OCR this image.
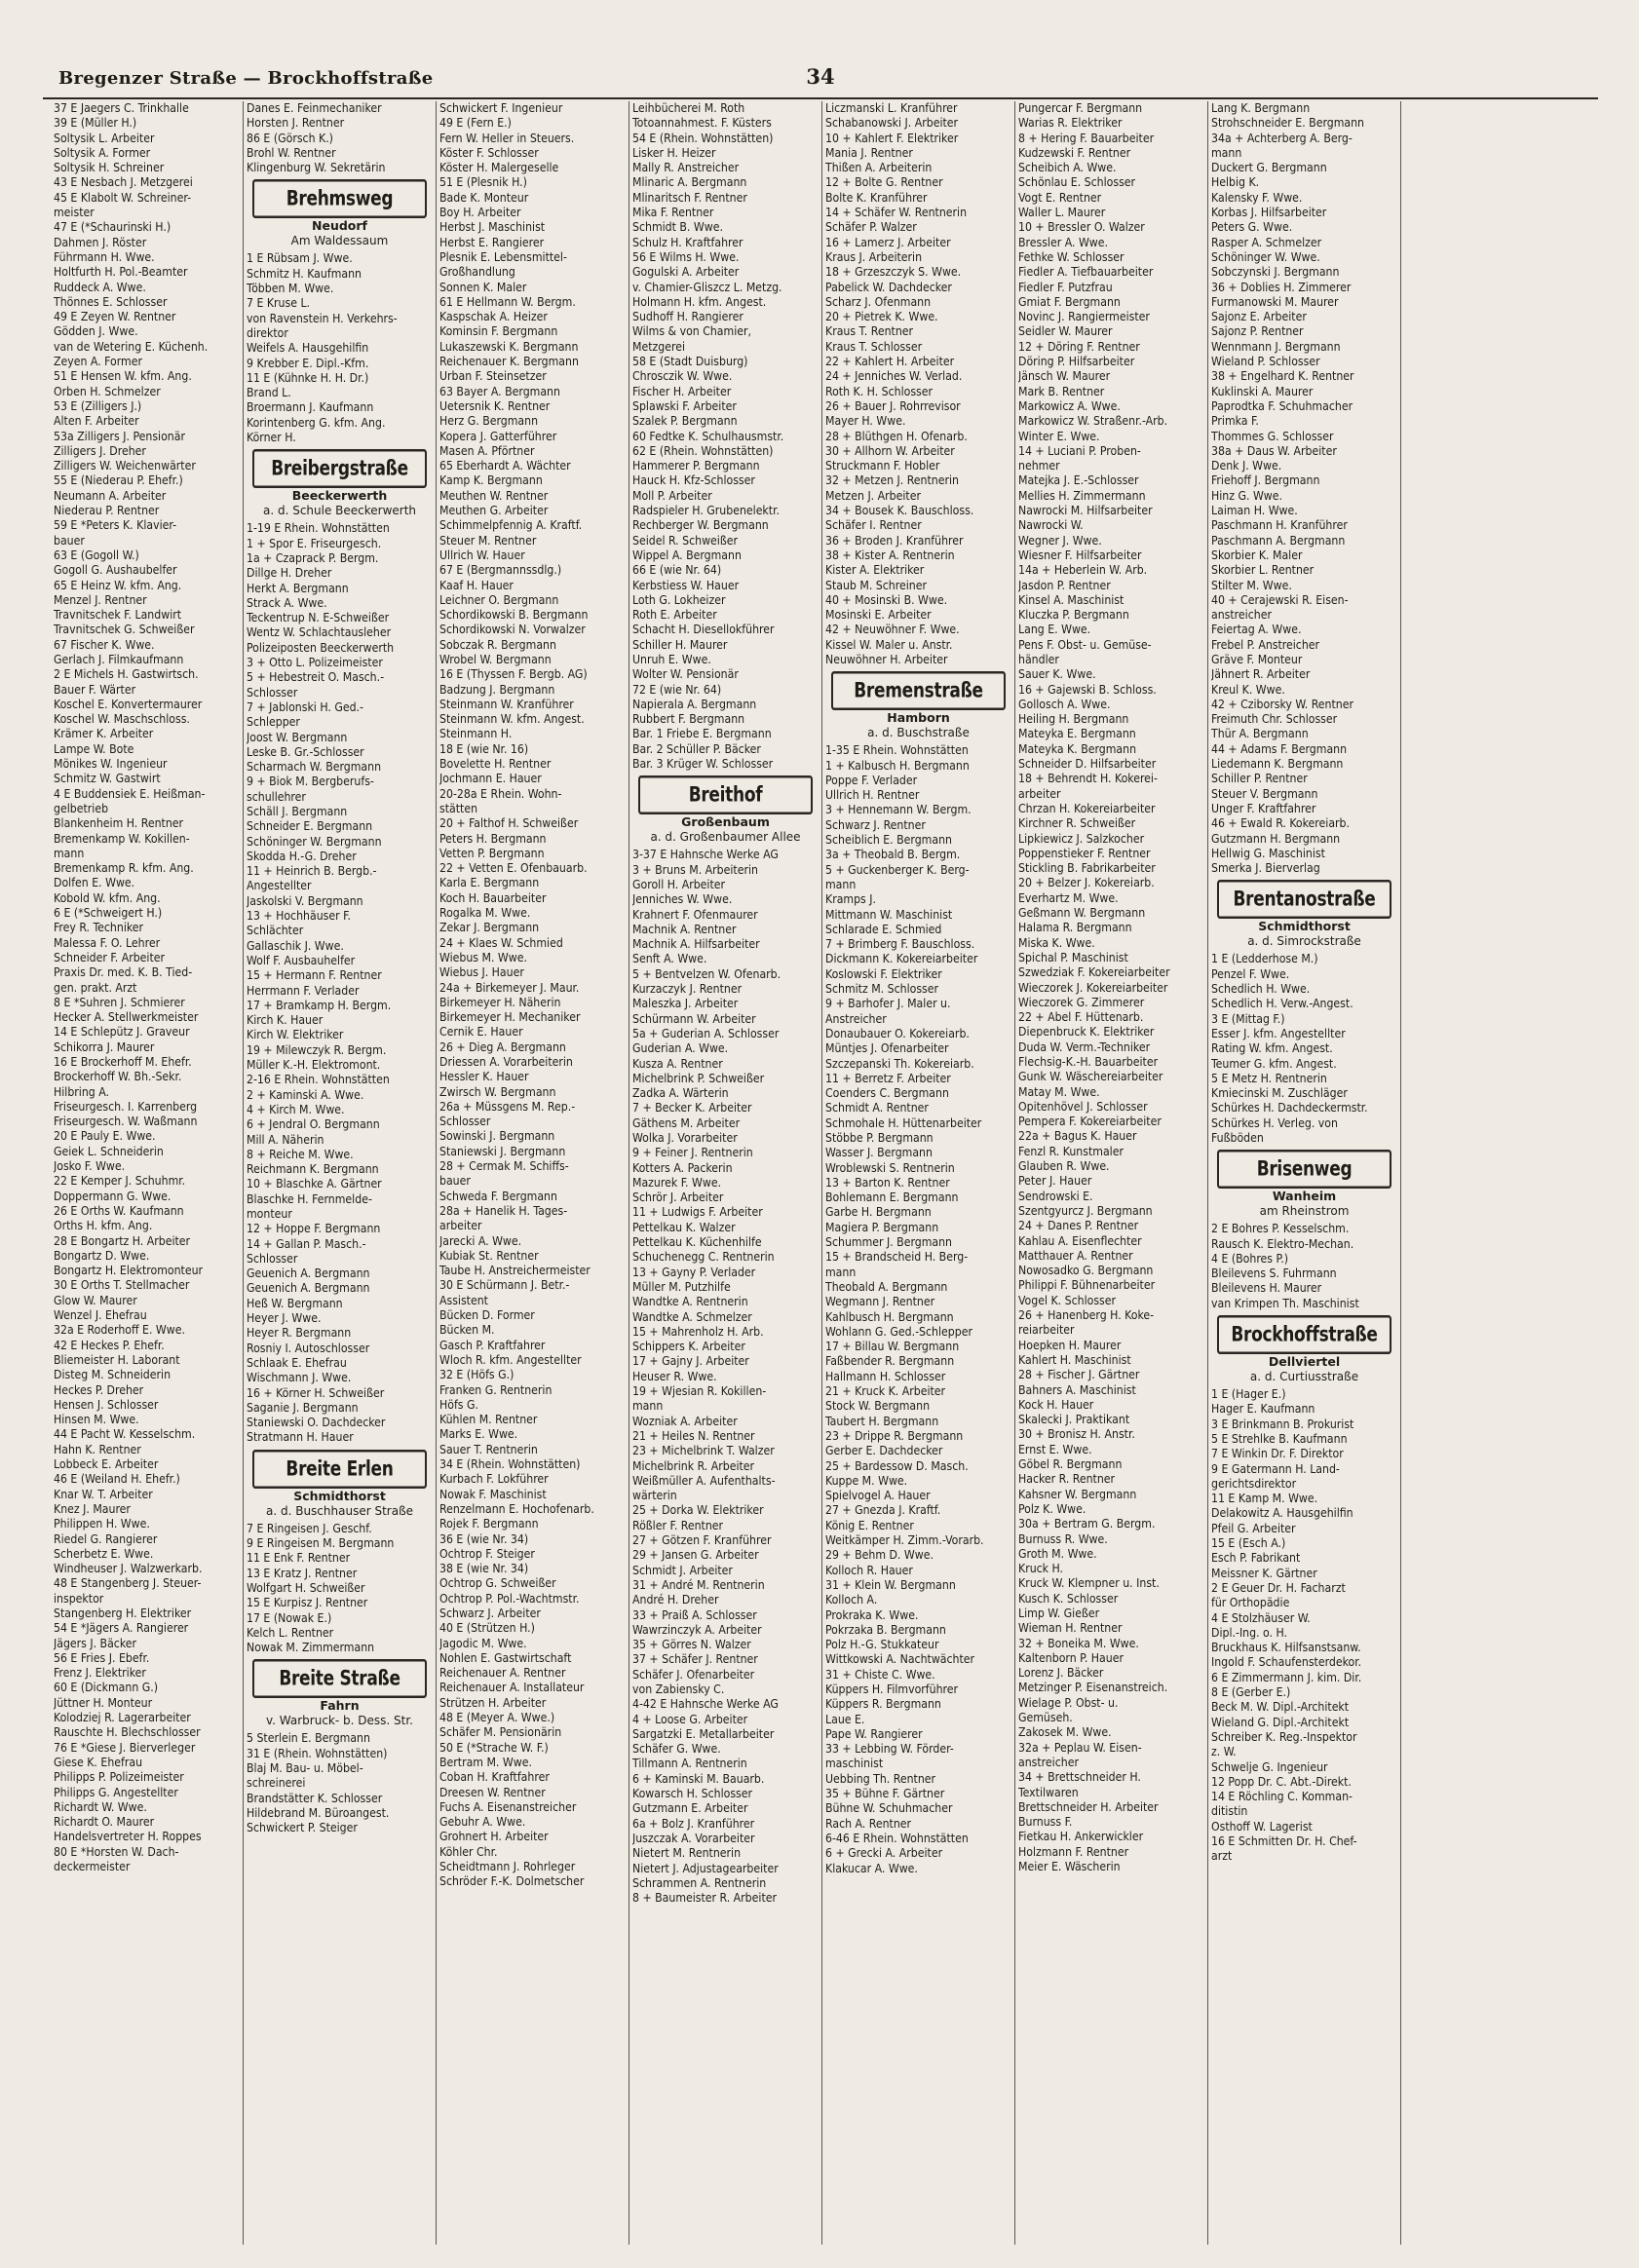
Bregenzer Straße — Brockhoffstraße	34
37 E Jaegers C. Trinkhalle
39 E (Müller H.)
Soltysik L. Arbeiter
Soltysik A. Former
Soltysik H. Schreiner
43 E Nesbach J. Metzgerei
45 E Klabolt W. Schreiner-
meister
47 E (*Schaurinski H.)
Dahmen J. Röster
Führmann H. Wwe.
Holtfurth H. Pol.-Beamter
Ruddeck A. Wwe.
Thönnes E. Schlosser
49 E Zeyen W. Rentner
Gödden J. Wwe.
van de Wetering E. Küchenh.
Zeyen A. Former
51 E Hensen W. kfm. Ang.
Orben H. Schmelzer
53 E (Zilligers J.)
Alten F. Arbeiter
53a Zilligers J. Pensionär
Zilligers J. Dreher
Zilligers W. Weichenwärter
55 E (Niederau P. Ehefr.)
Neumann A. Arbeiter
Niederau P. Rentner
59 E *Peters K. Klavier-
bauer
63 E (Gogoll W.)
Gogoll G. Aushaubelfer
65 E Heinz W. kfm. Ang.
Menzel J. Rentner
Travnitschek F. Landwirt
Travnitschek G. Schweißer
67 Fischer K. Wwe.
Gerlach J. Filmkaufmann
2 E Michels H. Gastwirtsch.
Bauer F. Wärter
Koschel E. Konvertermaurer
Koschel W. Maschschloss.
Krämer K. Arbeiter
Lampe W. Bote
Mönikes W. Ingenieur
Schmitz W. Gastwirt
4 E Buddensiek E. Heißman-
gelbetrieb
Blankenheim H. Rentner
Bremenkamp W. Kokillen-
mann
Bremenkamp R. kfm. Ang.
Dolfen E. Wwe.
Kobold W. kfm. Ang.
6 E (*Schweigert H.)
Frey R. Techniker
Malessa F. O. Lehrer
Schneider F. Arbeiter
Praxis Dr. med. K. B. Tied-
gen. prakt. Arzt
8 E *Suhren J. Schmierer
Hecker A. Stellwerkmeister
14 E Schlepütz J. Graveur
Schikorra J. Maurer
16 E Brockerhoff M. Ehefr.
Brockerhoff W. Bh.-Sekr.
Hilbring A.
Friseurgesch. I. Karrenberg
Friseurgesch. W. Waßmann
20 E Pauly E. Wwe.
Geiek L. Schneiderin
Josko F. Wwe.
22 E Kemper J. Schuhmr.
Doppermann G. Wwe.
26 E Orths W. Kaufmann
Orths H. kfm. Ang.
28 E Bongartz H. Arbeiter
Bongartz D. Wwe.
Bongartz H. Elektromonteur
30 E Orths T. Stellmacher
Glow W. Maurer
Wenzel J. Ehefrau
32a E Roderhoff E. Wwe.
42 E Heckes P. Ehefr.
Bliemeister H. Laborant
Disteg M. Schneiderin
Heckes P. Dreher
Hensen J. Schlosser
Hinsen M. Wwe.
44 E Pacht W. Kesselschm.
Hahn K. Rentner
Lobbeck E. Arbeiter
46 E (Weiland H. Ehefr.)
Knar W. T. Arbeiter
Knez J. Maurer
Philippen H. Wwe.
Riedel G. Rangierer
Scherbetz E. Wwe.
Windheuser J. Walzwerkarb.
48 E Stangenberg J. Steuer-
inspektor
Stangenberg H. Elektriker
54 E *Jägers A. Rangierer
Jägers J. Bäcker
56 E Fries J. Ebefr.
Frenz J. Elektriker
60 E (Dickmann G.)
Jüttner H. Monteur
Kolodziej R. Lagerarbeiter
Rauschte H. Blechschlosser
76 E *Giese J. Bierverleger
Giese K. Ehefrau
Philipps P. Polizeimeister
Philipps G. Angestellter
Richardt W. Wwe.
Richardt O. Maurer
Handelsvertreter H. Roppes
80 E *Horsten W. Dach-
deckermeister
Danes E. Feinmechaniker
Horsten J. Rentner
86 E (Görsch K.)
Brohl W. Rentner
Klingenburg W. Sekretärin
Brehmsweg
Neudorf
Am Waldessaum
1 E Rübsam J. Wwe.
Schmitz H. Kaufmann
Többen M. Wwe.
7 E Kruse L.
von Ravenstein H. Verkehrs-
direktor
Weifels A. Hausgehilfin
9 Krebber E. Dipl.-Kfm.
11 E (Kühnke H. H. Dr.)
Brand L.
Broermann J. Kaufmann
Korintenberg G. kfm. Ang.
Körner H.
Breibergstraße
Beeckerwerth
a. d. Schule Beeckerwerth
1-19 E Rhein. Wohnstätten
1 + Spor E. Friseurgesch.
1a + Czaprack P. Bergm.
Dillge H. Dreher
Herkt A. Bergmann
Strack A. Wwe.
Teckentrup N. E-Schweißer
Wentz W. Schlachtausleher
Polizeiposten Beeckerwerth
3 + Otto L. Polizeimeister
5 + Hebestreit O. Masch.-
Schlosser
7 + Jablonski H. Ged.-
Schlepper
Joost W. Bergmann
Leske B. Gr.-Schlosser
Scharmach W. Bergmann
9 + Biok M. Bergberufs-
schullehrer
Schäll J. Bergmann
Schneider E. Bergmann
Schöninger W. Bergmann
Skodda H.-G. Dreher
11 + Heinrich B. Bergb.-
Angestellter
Jaskolski V. Bergmann
13 + Hochhäuser F.
Schlächter
Gallaschik J. Wwe.
Wolf F. Ausbauhelfer
15 + Hermann F. Rentner
Herrmann F. Verlader
17 + Bramkamp H. Bergm.
Kirch K. Hauer
Kirch W. Elektriker
19 + Milewczyk R. Bergm.
Müller K.-H. Elektromont.
2-16 E Rhein. Wohnstätten
2 + Kaminski A. Wwe.
4 + Kirch M. Wwe.
6 + Jendral O. Bergmann
Mill A. Näherin
8 + Reiche M. Wwe.
Reichmann K. Bergmann
10 + Blaschke A. Gärtner
Blaschke H. Fernmelde-
monteur
12 + Hoppe F. Bergmann
14 + Gallan P. Masch.-
Schlosser
Geuenich A. Bergmann
Geuenich A. Bergmann
Heß W. Bergmann
Heyer J. Wwe.
Heyer R. Bergmann
Rosniy I. Autoschlosser
Schlaak E. Ehefrau
Wischmann J. Wwe.
16 + Körner H. Schweißer
Saganie J. Bergmann
Staniewski O. Dachdecker
Stratmann H. Hauer
Breite Erlen
Schmidthorst
a. d. Buschhauser Straße
7 E Ringeisen J. Geschf.
9 E Ringeisen M. Bergmann
11 E Enk F. Rentner
13 E Kratz J. Rentner
Wolfgart H. Schweißer
15 E Kurpisz J. Rentner
17 E (Nowak E.)
Kelch L. Rentner
Nowak M. Zimmermann
Breite Straße
Fahrn
v. Warbruck- b. Dess. Str.
5 Sterlein E. Bergmann
31 E (Rhein. Wohnstätten)
Blaj M. Bau- u. Möbel-
schreinerei
Brandstätter K. Schlosser
Hildebrand M. Büroangest.
Schwickert P. Steiger
Schwickert F. Ingenieur
49 E (Fern E.)
Fern W. Heller in Steuers.
Köster F. Schlosser
Köster H. Malergeselle
51 E (Plesnik H.)
Bade K. Monteur
Boy H. Arbeiter
Herbst J. Maschinist
Herbst E. Rangierer
Plesnik E. Lebensmittel-
Großhandlung
Sonnen K. Maler
61 E Hellmann W. Bergm.
Kaspschak A. Heizer
Kominsin F. Bergmann
Lukaszewski K. Bergmann
Reichenauer K. Bergmann
Urban F. Steinsetzer
63 Bayer A. Bergmann
Uetersnik K. Rentner
Herz G. Bergmann
Kopera J. Gatterführer
Masen A. Pförtner
65 Eberhardt A. Wächter
Kamp K. Bergmann
Meuthen W. Rentner
Meuthen G. Arbeiter
Schimmelpfennig A. Kraftf.
Steuer M. Rentner
Ullrich W. Hauer
67 E (Bergmannssdlg.)
Kaaf H. Hauer
Leichner O. Bergmann
Schordikowski B. Bergmann
Schordikowski N. Vorwalzer
Sobczak R. Bergmann
Wrobel W. Bergmann
16 E (Thyssen F. Bergb. AG)
Badzung J. Bergmann
Steinmann W. Kranführer
Steinmann W. kfm. Angest.
Steinmann H.
18 E (wie Nr. 16)
Bovelette H. Rentner
Jochmann E. Hauer
20-28a E Rhein. Wohn-
stätten
20 + Falthof H. Schweißer
Peters H. Bergmann
Vetten P. Bergmann
22 + Vetten E. Ofenbauarb.
Karla E. Bergmann
Koch H. Bauarbeiter
Rogalka M. Wwe.
Zekar J. Bergmann
24 + Klaes W. Schmied
Wiebus M. Wwe.
Wiebus J. Hauer
24a + Birkemeyer J. Maur.
Birkemeyer H. Näherin
Birkemeyer H. Mechaniker
Cernik E. Hauer
26 + Dieg A. Bergmann
Driessen A. Vorarbeiterin
Hessler K. Hauer
Zwirsch W. Bergmann
26a + Müssgens M. Rep.-
Schlosser
Sowinski J. Bergmann
Staniewski J. Bergmann
28 + Cermak M. Schiffs-
bauer
Schweda F. Bergmann
28a + Hanelik H. Tages-
arbeiter
Jarecki A. Wwe.
Kubiak St. Rentner
Taube H. Anstreichermeister
30 E Schürmann J. Betr.-
Assistent
Bücken D. Former
Bücken M.
Gasch P. Kraftfahrer
Wloch R. kfm. Angestellter
32 E (Höfs G.)
Franken G. Rentnerin
Höfs G.
Kühlen M. Rentner
Marks E. Wwe.
Sauer T. Rentnerin
34 E (Rhein. Wohnstätten)
Kurbach F. Lokführer
Nowak F. Maschinist
Renzelmann E. Hochofenarb.
Rojek F. Bergmann
36 E (wie Nr. 34)
Ochtrop F. Steiger
38 E (wie Nr. 34)
Ochtrop G. Schweißer
Ochtrop P. Pol.-Wachtmstr.
Schwarz J. Arbeiter
40 E (Strützen H.)
Jagodic M. Wwe.
Nohlen E. Gastwirtschaft
Reichenauer A. Rentner
Reichenauer A. Installateur
Strützen H. Arbeiter
48 E (Meyer A. Wwe.)
Schäfer M. Pensionärin
50 E (*Strache W. F.)
Bertram M. Wwe.
Coban H. Kraftfahrer
Dreesen W. Rentner
Fuchs A. Eisenanstreicher
Gebuhr A. Wwe.
Grohnert H. Arbeiter
Köhler Chr.
Scheidtmann J. Rohrleger
Schröder F.-K. Dolmetscher
Leihbücherei M. Roth
Totoannahmest. F. Küsters
54 E (Rhein. Wohnstätten)
Lisker H. Heizer
Mally R. Anstreicher
Mlinaric A. Bergmann
Mlinaritsch F. Rentner
Mika F. Rentner
Schmidt B. Wwe.
Schulz H. Kraftfahrer
56 E Wilms H. Wwe.
Gogulski A. Arbeiter
v. Chamier-Gliszcz L. Metzg.
Holmann H. kfm. Angest.
Sudhoff H. Rangierer
Wilms & von Chamier,
Metzgerei
58 E (Stadt Duisburg)
Chrosczik W. Wwe.
Fischer H. Arbeiter
Splawski F. Arbeiter
Szalek P. Bergmann
60 Fedtke K. Schulhausmstr.
62 E (Rhein. Wohnstätten)
Hammerer P. Bergmann
Hauck H. Kfz-Schlosser
Moll P. Arbeiter
Radspieler H. Grubenelektr.
Rechberger W. Bergmann
Seidel R. Schweißer
Wippel A. Bergmann
66 E (wie Nr. 64)
Kerbstiess W. Hauer
Loth G. Lokheizer
Roth E. Arbeiter
Schacht H. Diesellokführer
Schiller H. Maurer
Unruh E. Wwe.
Wolter W. Pensionär
72 E (wie Nr. 64)
Napierala A. Bergmann
Rubbert F. Bergmann
Bar. 1 Friebe E. Bergmann
Bar. 2 Schüller P. Bäcker
Bar. 3 Krüger W. Schlosser
Breithof
Großenbaum
a. d. Großenbaumer Allee
3-37 E Hahnsche Werke AG
3 + Bruns M. Arbeiterin
Goroll H. Arbeiter
Jenniches W. Wwe.
Krahnert F. Ofenmaurer
Machnik A. Rentner
Machnik A. Hilfsarbeiter
Senft A. Wwe.
5 + Bentvelzen W. Ofenarb.
Kurzaczyk J. Rentner
Maleszka J. Arbeiter
Schürmann W. Arbeiter
5a + Guderian A. Schlosser
Guderian A. Wwe.
Kusza A. Rentner
Michelbrink P. Schweißer
Zadka A. Wärterin
7 + Becker K. Arbeiter
Gäthens M. Arbeiter
Wolka J. Vorarbeiter
9 + Feiner J. Rentnerin
Kotters A. Packerin
Mazurek F. Wwe.
Schrör J. Arbeiter
11 + Ludwigs F. Arbeiter
Pettelkau K. Walzer
Pettelkau K. Küchenhilfe
Schuchenegg C. Rentnerin
13 + Gayny P. Verlader
Müller M. Putzhilfe
Wandtke A. Rentnerin
Wandtke A. Schmelzer
15 + Mahrenholz H. Arb.
Schippers K. Arbeiter
17 + Gajny J. Arbeiter
Heuser R. Wwe.
19 + Wjesian R. Kokillen-
mann
Wozniak A. Arbeiter
21 + Heiles N. Rentner
23 + Michelbrink T. Walzer
Michelbrink R. Arbeiter
Weißmüller A. Aufenthalts-
wärterin
25 + Dorka W. Elektriker
Rößler F. Rentner
27 + Götzen F. Kranführer
29 + Jansen G. Arbeiter
Schmidt J. Arbeiter
31 + André M. Rentnerin
André H. Dreher
33 + Praiß A. Schlosser
Wawrzinczyk A. Arbeiter
35 + Görres N. Walzer
37 + Schäfer J. Rentner
Schäfer J. Ofenarbeiter
von Zabiensky C.
4-42 E Hahnsche Werke AG
4 + Loose G. Arbeiter
Sargatzki E. Metallarbeiter
Schäfer G. Wwe.
Tillmann A. Rentnerin
6 + Kaminski M. Bauarb.
Kowarsch H. Schlosser
Gutzmann E. Arbeiter
6a + Bolz J. Kranführer
Juszczak A. Vorarbeiter
Nietert M. Rentnerin
Nietert J. Adjustagearbeiter
Schrammen A. Rentnerin
8 + Baumeister R. Arbeiter
Liczmanski L. Kranführer
Schabanowski J. Arbeiter
10 + Kahlert F. Elektriker
Mania J. Rentner
Thißen A. Arbeiterin
12 + Bolte G. Rentner
Bolte K. Kranführer
14 + Schäfer W. Rentnerin
Schäfer P. Walzer
16 + Lamerz J. Arbeiter
Kraus J. Arbeiterin
18 + Grzeszczyk S. Wwe.
Pabelick W. Dachdecker
Scharz J. Ofenmann
20 + Pietrek K. Wwe.
Kraus T. Rentner
Kraus T. Schlosser
22 + Kahlert H. Arbeiter
24 + Jenniches W. Verlad.
Roth K. H. Schlosser
26 + Bauer J. Rohrrevisor
Mayer H. Wwe.
28 + Blüthgen H. Ofenarb.
30 + Allhorn W. Arbeiter
Struckmann F. Hobler
32 + Metzen J. Rentnerin
Metzen J. Arbeiter
34 + Bousek K. Bauschloss.
Schäfer I. Rentner
36 + Broden J. Kranführer
38 + Kister A. Rentnerin
Kister A. Elektriker
Staub M. Schreiner
40 + Mosinski B. Wwe.
Mosinski E. Arbeiter
42 + Neuwöhner F. Wwe.
Kissel W. Maler u. Anstr.
Neuwöhner H. Arbeiter
Bremenstraße
Hamborn
a. d. Buschstraße
1-35 E Rhein. Wohnstätten
1 + Kalbusch H. Bergmann
Poppe F. Verlader
Ullrich H. Rentner
3 + Hennemann W. Bergm.
Schwarz J. Rentner
Scheiblich E. Bergmann
3a + Theobald B. Bergm.
5 + Guckenberger K. Berg-
mann
Kramps J.
Mittmann W. Maschinist
Schlarade E. Schmied
7 + Brimberg F. Bauschloss.
Dickmann K. Kokereiarbeiter
Koslowski F. Elektriker
Schmitz M. Schlosser
9 + Barhofer J. Maler u.
Anstreicher
Donaubauer O. Kokereiarb.
Müntjes J. Ofenarbeiter
Szczepanski Th. Kokereiarb.
11 + Berretz F. Arbeiter
Coenders C. Bergmann
Schmidt A. Rentner
Schmohale H. Hüttenarbeiter
Stöbbe P. Bergmann
Wasser J. Bergmann
Wroblewski S. Rentnerin
13 + Barton K. Rentner
Bohlemann E. Bergmann
Garbe H. Bergmann
Magiera P. Bergmann
Schummer J. Bergmann
15 + Brandscheid H. Berg-
mann
Theobald A. Bergmann
Wegmann J. Rentner
Kahlbusch H. Bergmann
Wohlann G. Ged.-Schlepper
17 + Billau W. Bergmann
Faßbender R. Bergmann
Hallmann H. Schlosser
21 + Kruck K. Arbeiter
Stock W. Bergmann
Taubert H. Bergmann
23 + Drippe R. Bergmann
Gerber E. Dachdecker
25 + Bardessow D. Masch.
Kuppe M. Wwe.
Spielvogel A. Hauer
27 + Gnezda J. Kraftf.
König E. Rentner
Weitkämper H. Zimm.-Vorarb.
29 + Behm D. Wwe.
Kolloch R. Hauer
31 + Klein W. Bergmann
Kolloch A.
Prokraka K. Wwe.
Pokrzaka B. Bergmann
Polz H.-G. Stukkateur
Wittkowski A. Nachtwächter
31 + Chiste C. Wwe.
Küppers H. Filmvorführer
Küppers R. Bergmann
Laue E.
Pape W. Rangierer
33 + Lebbing W. Förder-
maschinist
Uebbing Th. Rentner
35 + Bühne F. Gärtner
Bühne W. Schuhmacher
Rach A. Rentner
6-46 E Rhein. Wohnstätten
6 + Grecki A. Arbeiter
Klakucar A. Wwe.
Pungercar F. Bergmann
Warias R. Elektriker
8 + Hering F. Bauarbeiter
Kudzewski F. Rentner
Scheibich A. Wwe.
Schönlau E. Schlosser
Vogt E. Rentner
Waller L. Maurer
10 + Bressler O. Walzer
Bressler A. Wwe.
Fethke W. Schlosser
Fiedler A. Tiefbauarbeiter
Fiedler F. Putzfrau
Gmiat F. Bergmann
Novinc J. Rangiermeister
Seidler W. Maurer
12 + Döring F. Rentner
Döring P. Hilfsarbeiter
Jänsch W. Maurer
Mark B. Rentner
Markowicz A. Wwe.
Markowicz W. Straßenr.-Arb.
Winter E. Wwe.
14 + Luciani P. Proben-
nehmer
Matejka J. E.-Schlosser
Mellies H. Zimmermann
Nawrocki M. Hilfsarbeiter
Nawrocki W.
Wegner J. Wwe.
Wiesner F. Hilfsarbeiter
14a + Heberlein W. Arb.
Jasdon P. Rentner
Kinsel A. Maschinist
Kluczka P. Bergmann
Lang E. Wwe.
Pens F. Obst- u. Gemüse-
händler
Sauer K. Wwe.
16 + Gajewski B. Schloss.
Gollosch A. Wwe.
Heiling H. Bergmann
Mateyka E. Bergmann
Mateyka K. Bergmann
Schneider D. Hilfsarbeiter
18 + Behrendt H. Kokerei-
arbeiter
Chrzan H. Kokereiarbeiter
Kirchner R. Schweißer
Lipkiewicz J. Salzkocher
Poppenstieker F. Rentner
Stickling B. Fabrikarbeiter
20 + Belzer J. Kokereiarb.
Everhartz M. Wwe.
Geßmann W. Bergmann
Halama R. Bergmann
Miska K. Wwe.
Spichal P. Maschinist
Szwedziak F. Kokereiarbeiter
Wieczorek J. Kokereiarbeiter
Wieczorek G. Zimmerer
22 + Abel F. Hüttenarb.
Diepenbruck K. Elektriker
Duda W. Verm.-Techniker
Flechsig-K.-H. Bauarbeiter
Gunk W. Wäschereiarbeiter
Matay M. Wwe.
Opitenhövel J. Schlosser
Pempera F. Kokereiarbeiter
22a + Bagus K. Hauer
Fenzl R. Kunstmaler
Glauben R. Wwe.
Peter J. Hauer
Sendrowski E.
Szentgyurcz J. Bergmann
24 + Danes P. Rentner
Kahlau A. Eisenflechter
Matthauer A. Rentner
Nowosadko G. Bergmann
Philippi F. Bühnenarbeiter
Vogel K. Schlosser
26 + Hanenberg H. Koke-
reiarbeiter
Hoepken H. Maurer
Kahlert H. Maschinist
28 + Fischer J. Gärtner
Bahners A. Maschinist
Kock H. Hauer
Skalecki J. Praktikant
30 + Bronisz H. Anstr.
Ernst E. Wwe.
Göbel R. Bergmann
Hacker R. Rentner
Kahsner W. Bergmann
Polz K. Wwe.
30a + Bertram G. Bergm.
Burnuss R. Wwe.
Groth M. Wwe.
Kruck H.
Kruck W. Klempner u. Inst.
Kusch K. Schlosser
Limp W. Gießer
Wieman H. Rentner
32 + Boneika M. Wwe.
Kaltenborn P. Hauer
Lorenz J. Bäcker
Metzinger P. Eisenanstreich.
Wielage P. Obst- u.
Gemüseh.
Zakosek M. Wwe.
32a + Peplau W. Eisen-
anstreicher
34 + Brettschneider H.
Textilwaren
Brettschneider H. Arbeiter
Burnuss F.
Fietkau H. Ankerwickler
Holzmann F. Rentner
Meier E. Wäscherin
Lang K. Bergmann
Strohschneider E. Bergmann
34a + Achterberg A. Berg-
mann
Duckert G. Bergmann
Helbig K.
Kalensky F. Wwe.
Korbas J. Hilfsarbeiter
Peters G. Wwe.
Rasper A. Schmelzer
Schöninger W. Wwe.
Sobczynski J. Bergmann
36 + Doblies H. Zimmerer
Furmanowski M. Maurer
Sajonz E. Arbeiter
Sajonz P. Rentner
Wennmann J. Bergmann
Wieland P. Schlosser
38 + Engelhard K. Rentner
Kuklinski A. Maurer
Paprodtka F. Schuhmacher
Primka F.
Thommes G. Schlosser
38a + Daus W. Arbeiter
Denk J. Wwe.
Friehoff J. Bergmann
Hinz G. Wwe.
Laiman H. Wwe.
Paschmann H. Kranführer
Paschmann A. Bergmann
Skorbier K. Maler
Skorbier L. Rentner
Stilter M. Wwe.
40 + Cerajewski R. Eisen-
anstreicher
Feiertag A. Wwe.
Frebel P. Anstreicher
Gräve F. Monteur
Jähnert R. Arbeiter
Kreul K. Wwe.
42 + Cziborsky W. Rentner
Freimuth Chr. Schlosser
Thür A. Bergmann
44 + Adams F. Bergmann
Liedemann K. Bergmann
Schiller P. Rentner
Steuer V. Bergmann
Unger F. Kraftfahrer
46 + Ewald R. Kokereiarb.
Gutzmann H. Bergmann
Hellwig G. Maschinist
Smerka J. Bierverlag
Brentanostraße
Schmidthorst
a. d. Simrockstraße
1 E (Ledderhose M.)
Penzel F. Wwe.
Schedlich H. Wwe.
Schedlich H. Verw.-Angest.
3 E (Mittag F.)
Esser J. kfm. Angestellter
Rating W. kfm. Angest.
Teumer G. kfm. Angest.
5 E Metz H. Rentnerin
Kmiecinski M. Zuschläger
Schürkes H. Dachdeckermstr.
Schürkes H. Verleg. von
Fußböden
Brisenweg
Wanheim
am Rheinstrom
2 E Bohres P. Kesselschm.
Rausch K. Elektro-Mechan.
4 E (Bohres P.)
Bleilevens S. Fuhrmann
Bleilevens H. Maurer
van Krimpen Th. Maschinist
Brockhoffstraße
Dellviertel
a. d. Curtiusstraße
1 E (Hager E.)
Hager E. Kaufmann
3 E Brinkmann B. Prokurist
5 E Strehlke B. Kaufmann
7 E Winkin Dr. F. Direktor
9 E Gatermann H. Land-
gerichtsdirektor
11 E Kamp M. Wwe.
Delakowitz A. Hausgehilfin
Pfeil G. Arbeiter
15 E (Esch A.)
Esch P. Fabrikant
Meissner K. Gärtner
2 E Geuer Dr. H. Facharzt
für Orthopädie
4 E Stolzhäuser W.
Dipl.-Ing. o. H.
Bruckhaus K. Hilfsanstsanw.
Ingold F. Schaufensterdekor.
6 E Zimmermann J. kim. Dir.
8 E (Gerber E.)
Beck M. W. Dipl.-Architekt
Wieland G. Dipl.-Architekt
Schreiber K. Reg.-Inspektor
z. W.
Schwelje G. Ingenieur
12 Popp Dr. C. Abt.-Direkt.
14 E Röchling C. Komman-
ditistin
Osthoff W. Lagerist
16 E Schmitten Dr. H. Chef-
arzt
